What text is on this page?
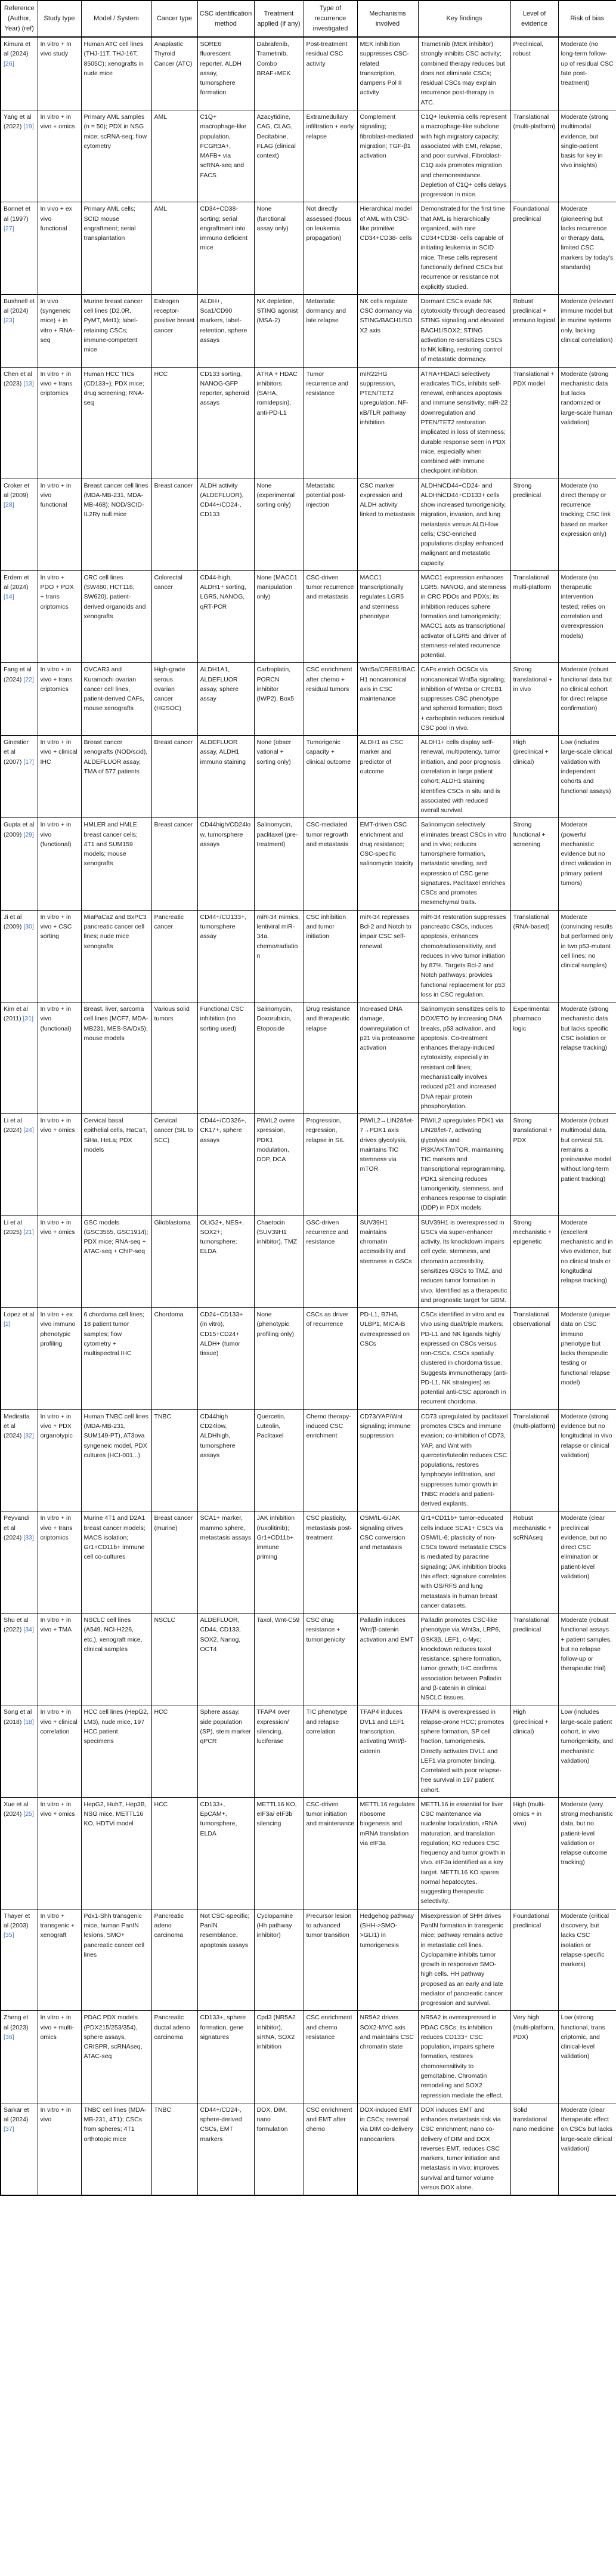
Reference (Author, Year) (ref)	Study type	Model / System	Cancer type	CSC identification method	Treatment applied (if any)	Type of recurrence investigated	Mechanisms involved	Key findings	Level of evidence	Risk of bias
Kimura et al (2024) [26]	In vitro + In vivo study	Human ATC cell lines (THJ-11T, THJ-16T, 8505C); xenografts in nude mice	Anaplastic Thyroid Cancer (ATC)	SORE6 fluorescent reporter, ALDH assay, tumorsphere formation	Dabrafenib, Trametinib, Combo BRAF+MEK	Post-treatment residual CSC activity	MEK inhibition suppresses CSC-related transcription, dampens Pol II activity	Trametinib (MEK inhibitor) strongly inhibits CSC activity; combined therapy reduces but does not eliminate CSCs; residual CSCs may explain recurrence post-therapy in ATC.	Preclinical, robust	Moderate (no long-term follow-up of residual CSC fate post-treatment)
Yang et al (2022) [19]	In vitro + in vivo + omics	Primary AML samples (n = 50); PDX in NSG mice; scRNA-seq; flow cytometry	AML	C1Q+ macrophage-like population, FCGR3A+, MAFB+ via scRNA-seq and FACS	Azacytidine, CAG, CLAG, Decitabine, FLAG (clinical context)	Extramedullary infiltration + early relapse	Complement signaling; fibroblast-mediated migration; TGF-β1 activation	C1Q+ leukemia cells represent a macrophage-like subclone with high migratory capacity; associated with EMI, relapse, and poor survival. Fibroblast-C1Q axis promotes migration and chemoresistance. Depletion of C1Q+ cells delays progression in mice.	Translational (multi-platform)	Moderate (strong multimodal evidence, but single-patient basis for key in vivo insights)
Bonnet et al (1997) [27]	In vivo + ex vivo functional	Primary AML cells; SCID mouse engraftment; serial transplantation	AML	CD34+CD38- sorting; serial engraftment into immuno deficient mice	None (functional assay only)	Not directly assessed (focus on leukemia propagation)	Hierarchical model of AML with CSC-like primitive CD34+CD38- cells	Demonstrated for the first time that AML is hierarchically organized, with rare CD34+CD38- cells capable of initiating leukemia in SCID mice. These cells represent functionally defined CSCs but recurrence or resistance not explicitly studied.	Foundational preclinical	Moderate (pioneering but lacks recurrence or therapy data, limited CSC markers by today's standards)
Bushnell et al (2024) [23]	In vivo (syngeneic mice) + in vitro + RNA-seq	Murine breast cancer cell lines (D2.0R, PyMT, Met1); label-retaining CSCs; immune-competent mice	Estrogen receptor-positive breast cancer	ALDH+, Sca1/CD90 markers, label-retention, sphere assays	NK depletion, STING agonist (MSA-2)	Metastatic dormancy and late relapse	NK cells regulate CSC dormancy via STING/BACH1/SOX2 axis	Dormant CSCs evade NK cytotoxicity through decreased STING signaling and elevated BACH1/SOX2; STING activation re-sensitizes CSCs to NK killing, restoring control of metastatic dormancy.	Robust preclinical + immuno logical	Moderate (relevant immune model but in murine systems only, lacking clinical correlation)
Chen et al (2023) [13]	In vitro + in vivo + trans criptomics	Human HCC TICs (CD133+); PDX mice; drug screening; RNA-seq	HCC	CD133 sorting, NANOG-GFP reporter, spheroid assays	ATRA + HDAC inhibitors (SAHA, romidepsin), anti-PD-L1	Tumor recurrence and resistance	miR22HG suppression, PTEN/TET2 upregulation, NF-κB/TLR pathway inhibition	ATRA+HDACi selectively eradicates TICs, inhibits self-renewal, enhances apoptosis and immune sensitivity; miR-22 downregulation and PTEN/TET2 restoration implicated in loss of stemness; durable response seen in PDX mice, especially when combined with immune checkpoint inhibition.	Translational + PDX model	Moderate (strong mechanistic data but lacks randomized or large-scale human validation)
Croker et al (2009) [28]	In vitro + in vivo functional	Breast cancer cell lines (MDA-MB-231, MDA-MB-468); NOD/SCID-IL2Rγ null mice	Breast cancer	ALDH activity (ALDEFLUOR), CD44+/CD24-, CD133	None (experimental sorting only)	Metastatic potential post-injection	CSC marker expression and ALDH activity linked to metastasis	ALDHhiCD44+CD24- and ALDHhiCD44+CD133+ cells show increased tumorigenicity, migration, invasion, and lung metastasis versus ALDHlow cells; CSC-enriched populations display enhanced malignant and metastatic capacity.	Strong preclinical	Moderate (no direct therapy or recurrence tracking; CSC link based on marker expression only)
Erdem et al (2024) [14]	In vitro + PDO + PDX + trans criptomics	CRC cell lines (SW480, HCT116, SW620), patient-derived organoids and xenografts	Colorectal cancer	CD44-high, ALDH1+ sorting, LGR5, NANOG, qRT-PCR	None (MACC1 manipulation only)	CSC-driven tumor recurrence and metastasis	MACC1 transcriptionally regulates LGR5 and stemness phenotype	MACC1 expression enhances LGR5, NANOG, and stemness in CRC PDOs and PDXs; its inhibition reduces sphere formation and tumorigenicity; MACC1 acts as transcriptional activator of LGR5 and driver of stemness-related recurrence potential.	Translational multi-platform	Moderate (no therapeutic intervention tested; relies on correlation and overexpression models)
Fang et al (2024) [22]	In vitro + in vivo + trans criptomics	OVCAR3 and Kuramochi ovarian cancer cell lines, patient-derived CAFs, mouse xenografts	High-grade serous ovarian cancer (HGSOC)	ALDH1A1, ALDEFLUOR assay, sphere assay	Carboplatin, PORCN inhibitor (IWP2), Box5	CSC enrichment after chemo + residual tumors	Wnt5a/CREB1/BACH1 noncanonical axis in CSC maintenance	CAFs enrich OCSCs via noncanonical Wnt5a signaling; inhibition of Wnt5a or CREB1 suppresses CSC phenotype and spheroid formation; Box5 + carboplatin reduces residual CSC pool in vivo.	Strong translational + in vivo	Moderate (robust functional data but no clinical cohort for direct relapse confirmation)
Ginestier et al (2007) [17]	In vitro + in vivo + clinical IHC	Breast cancer xenografts (NOD/scid), ALDEFLUOR assay, TMA of 577 patients	Breast cancer	ALDEFLUOR assay, ALDH1 immuno staining	None (obser vational + sorting only)	Tumorigenic capacity + clinical outcome	ALDH1 as CSC marker and predictor of outcome	ALDH1+ cells display self-renewal, multipotency, tumor initiation, and poor prognosis correlation in large patient cohort; ALDH1 staining identifies CSCs in situ and is associated with reduced overall survival.	High (preclinical + clinical)	Low (includes large-scale clinical validation with independent cohorts and functional assays)
Gupta et al (2009) [29]	In vitro + in vivo (functional)	HMLER and HMLE breast cancer cells; 4T1 and SUM159 models; mouse xenografts	Breast cancer	CD44high/CD24low, tumorsphere assays	Salinomycin, paclitaxel (pre-treatment)	CSC-mediated tumor regrowth and metastasis	EMT-driven CSC enrichment and drug resistance; CSC-specific salinomycin toxicity	Salinomycin selectively eliminates breast CSCs in vitro and in vivo; reduces tumorsphere formation, metastatic seeding, and expression of CSC gene signatures. Paclitaxel enriches CSCs and promotes mesenchymal traits.	Strong functional + screening	Moderate (powerful mechanistic evidence but no direct validation in primary patient tumors)
Ji et al (2009) [30]	In vitro + in vivo + CSC sorting	MiaPaCa2 and BxPC3 pancreatic cancer cell lines; nude mice xenografts	Pancreatic cancer	CD44+/CD133+, tumorsphere assay	miR-34 mimics, lentiviral miR-34a, chemo/radiation	CSC inhibition and tumor initiation	miR-34 represses Bcl-2 and Notch to impair CSC self-renewal	miR-34 restoration suppresses pancreatic CSCs, induces apoptosis, enhances chemo/radiosensitivity, and reduces in vivo tumor initiation by 87%. Targets Bcl-2 and Notch pathways; provides functional replacement for p53 loss in CSC regulation.	Translational (RNA-based)	Moderate (convincing results but performed only in two p53-mutant cell lines; no clinical samples)
Kim et al (2011) [31]	In vitro + in vivo (functional)	Breast, liver, sarcoma cell lines (MCF7, MDA-MB231, MES-SA/Dx5); mouse models	Various solid tumors	Functional CSC inhibition (no sorting used)	Salinomycin, Doxorubicin, Etoposide	Drug resistance and therapeutic relapse	Increased DNA damage, downregulation of p21 via proteasome activation	Salinomycin sensitizes cells to DOX/ETO by increasing DNA breaks, p53 activation, and apoptosis. Co-treatment enhances therapy-induced cytotoxicity, especially in resistant cell lines; mechanistically involves reduced p21 and increased DNA repair protein phosphorylation.	Experimental pharmaco logic	Moderate (strong mechanistic data but lacks specific CSC isolation or relapse tracking)
Li et al (2024) [24]	In vitro + in vivo + omics	Cervical basal epithelial cells, HaCaT, SiHa, HeLa; PDX models	Cervical cancer (SIL to SCC)	CD44+/CD326+, CK17+, sphere assays	PIWIL2 overe xpression, PDK1 modulation, DDP, DCA	Progression, regression, relapse in SIL	PIWIL2→LIN28/let-7→PDK1 axis drives glycolysis, maintains TIC stemness via mTOR	PIWIL2 upregulates PDK1 via LIN28/let-7, activating glycolysis and PI3K/AKT/mTOR, maintaining TIC markers and transcriptional reprogramming. PDK1 silencing reduces tumorigenicity, stemness, and enhances response to cisplatin (DDP) in PDX models.	Strong translational + PDX	Moderate (robust multimodal data, but cervical SIL remains a preinvasive model without long-term patient tracking)
Li et al (2025) [21]	In vitro + in vivo + omics	GSC models (GSC3565, GSC1914); PDX mice; RNA-seq + ATAC-seq + ChIP-seq	Glioblastoma	OLIG2+, NES+, SOX2+; tumorsphere; ELDA	Chaetocin (SUV39H1 inhibitor), TMZ	GSC-driven recurrence and resistance	SUV39H1 maintains chromatin accessibility and stemness in GSCs	SUV39H1 is overexpressed in GSCs via super-enhancer activity. Its knockdown impairs cell cycle, stemness, and chromatin accessibility, sensitizes GSCs to TMZ, and reduces tumor formation in vivo. Identified as a therapeutic and prognostic target for GBM.	Strong mechanistic + epigenetic	Moderate (excellent mechanistic and in vivo evidence, but no clinical trials or longitudinal relapse tracking)
Lopez et al [2]	In vitro + ex vivo immuno phenotypic profiling	6 chordoma cell lines; 18 patient tumor samples; flow cytometry + multispectral IHC	Chordoma	CD24+CD133+ (in vitro), CD15+CD24+ ALDH+ (tumor tissue)	None (phenotypic profiling only)	CSCs as driver of recurrence	PD-L1, B7H6, ULBP1, MICA-B overexpressed on CSCs	CSCs identified in vitro and ex vivo using dual/triple markers; PD-L1 and NK ligands highly expressed on CSCs versus non-CSCs. CSCs spatially clustered in chordoma tissue. Suggests immunotherapy (anti-PD-L1, NK strategies) as potential anti-CSC approach in recurrent chordoma.	Translational observational	Moderate (unique data on CSC immuno phenotype but lacks therapeutic testing or functional relapse model)
Mediratta et al (2024) [32]	In vitro + in vivo + PDX organotypic	Human TNBC cell lines (MDA-MB-231, SUM149-PT), AT3ova syngeneic model, PDX cultures (HCI-001...)	TNBC	CD44high CD24low, ALDHhigh, tumorsphere assays	Quercetin, Luteolin, Paclitaxel	Chemo therapy-induced CSC enrichment	CD73/YAP/Wnt signaling; immune suppression	CD73 upregulated by paclitaxel promotes CSCs and immune evasion; co-inhibition of CD73, YAP, and Wnt with quercetin/luteolin reduces CSC populations, restores lymphocyte infiltration, and suppresses tumor growth in TNBC models and patient-derived explants.	Translational (multi-platform)	Moderate (strong evidence but no longitudinal in vivo relapse or clinical validation)
Peyvandi et al (2024) [33]	In vitro + in vivo + trans criptomics	Murine 4T1 and D2A1 breast cancer models; MACS isolation; Gr1+CD11b+ immune cell co-cultures	Breast cancer (murine)	SCA1+ marker, mammo sphere, metastasis assays	JAK inhibition (ruxolitinib); Gr1+CD11b+ immune priming	CSC plasticity, metastasis post-treatment	OSM/IL-6/JAK signaling drives CSC conversion and metastasis	Gr1+CD11b+ tumor-educated cells induce SCA1+ CSCs via OSM/IL-6; plasticity of non-CSCs toward metastatic CSCs is mediated by paracrine signaling; JAK inhibition blocks this effect; signature correlates with OS/RFS and lung metastasis in human breast cancer datasets.	Robust mechanistic + scRNAseq	Moderate (clear preclinical evidence, but no direct CSC elimination or patient-level validation)
Shu et al (2022) [34]	In vitro + in vivo + TMA	NSCLC cell lines (A549, NCI-H226, etc.), xenograft mice, clinical samples	NSCLC	ALDEFLUOR, CD44, CD133, SOX2, Nanog, OCT4	Taxol, Wnt-C59	CSC drug resistance + tumorigenicity	Palladin induces Wnt/β-catenin activation and EMT	Palladin promotes CSC-like phenotype via Wnt3a, LRP6, GSK3β, LEF1, c-Myc; knockdown reduces taxol resistance, sphere formation, tumor growth; IHC confirms association between Palladin and β-catenin in clinical NSCLC tissues.	Translational preclinical	Moderate (robust functional assays + patient samples, but no relapse follow-up or therapeutic trial)
Song et al (2018) [18]	In vitro + in vivo + clinical correlation	HCC cell lines (HepG2, LM3), nude mice, 197 HCC patient specimens	HCC	Sphere assay, side population (SP), stem marker qPCR	TFAP4 over expression/ silencing, luciferase	TIC phenotype and relapse correlation	TFAP4 induces DVL1 and LEF1 transcription, activating Wnt/β-catenin	TFAP4 is overexpressed in relapse-prone HCC; promotes sphere formation, SP cell fraction, tumorigenesis. Directly activates DVL1 and LEF1 via promoter binding. Correlated with poor relapse-free survival in 197 patient cohort.	High (preclinical + clinical)	Low (includes large-scale patient cohort, in vivo tumorigenicity, and mechanistic validation)
Xue et al (2024) [25]	In vitro + in vivo + omics	HepG2, Huh7, Hep3B, NSG mice, METTL16 KO, HDTVi model	HCC	CD133+, EpCAM+, tumorsphere, ELDA	METTL16 KO, eIF3a/ eIF3b silencing	CSC-driven tumor initiation and maintenance	METTL16 regulates ribosome biogenesis and mRNA translation via eIF3a	METTL16 is essential for liver CSC maintenance via nucleolar localization, rRNA maturation, and translation regulation; KO reduces CSC frequency and tumor growth in vivo. eIF3a identified as a key target. METTL16 KO spares normal hepatocytes, suggesting therapeutic selectivity.	High (multi-omics + in vivo)	Moderate (very strong mechanistic data, but no patient-level validation or relapse outcome tracking)
Thayer et al (2003) [35]	In vitro + transgenic + xenograft	Pdx1-Shh transgenic mice, human PanIN lesions, SMO+ pancreatic cancer cell lines	Pancreatic adeno carcinoma	Not CSC-specific; PanIN resemblance, apoptosis assays	Cyclopamine (Hh pathway inhibitor)	Precursor lesion to advanced tumor transition	Hedgehog pathway (SHH->SMO->GLI1) in tumorigenesis	Misexpression of SHH drives PanIN formation in transgenic mice; pathway remains active in metastatic cell lines. Cyclopamine inhibits tumor growth in responsive SMO-high cells. HH pathway proposed as an early and late mediator of pancreatic cancer progression and survival.	Foundational preclinical	Moderate (critical discovery, but lacks CSC isolation or relapse-specific markers)
Zheng et al (2023) [36]	In vitro + in vivo + multi-omics	PDAC PDX models (PDX215/253/354), sphere assays, CRISPR, scRNAseq, ATAC-seq	Pancreatic ductal adeno carcinoma	CD133+, sphere formation, gene signatures	Cpd3 (NR5A2 inhibitor), siRNA, SOX2 inhibition	CSC enrichment and chemo resistance	NR5A2 drives SOX2-MYC axis and maintains CSC chromatin state	NR5A2 is overexpressed in PDAC CSCs; its inhibition reduces CD133+ CSC population, impairs sphere formation, restores chemosensitivity to gemcitabine. Chromatin remodeling and SOX2 repression mediate the effect.	Very high (multi-platform, PDX)	Low (strong functional, trans criptomic, and clinical-level validation)
Sarkar et al (2024) [37]	In vitro + in vivo	TNBC cell lines (MDA-MB-231, 4T1); CSCs from spheres; 4T1 orthotopic mice	TNBC	CD44+/CD24-, sphere-derived CSCs, EMT markers	DOX, DIM, nano formulation	CSC enrichment and EMT after chemo	DOX-induced EMT in CSCs; reversal via DIM co-delivery nanocarriers	DOX induces EMT and enhances metastasis risk via CSC enrichment; nano co-delivery of DIM and DOX reverses EMT, reduces CSC markers, tumor initiation and metastasis in vivo; improves survival and tumor volume versus DOX alone.	Solid translational nano medicine	Moderate (clear therapeutic effect on CSCs but lacks large-scale clinical validation)
